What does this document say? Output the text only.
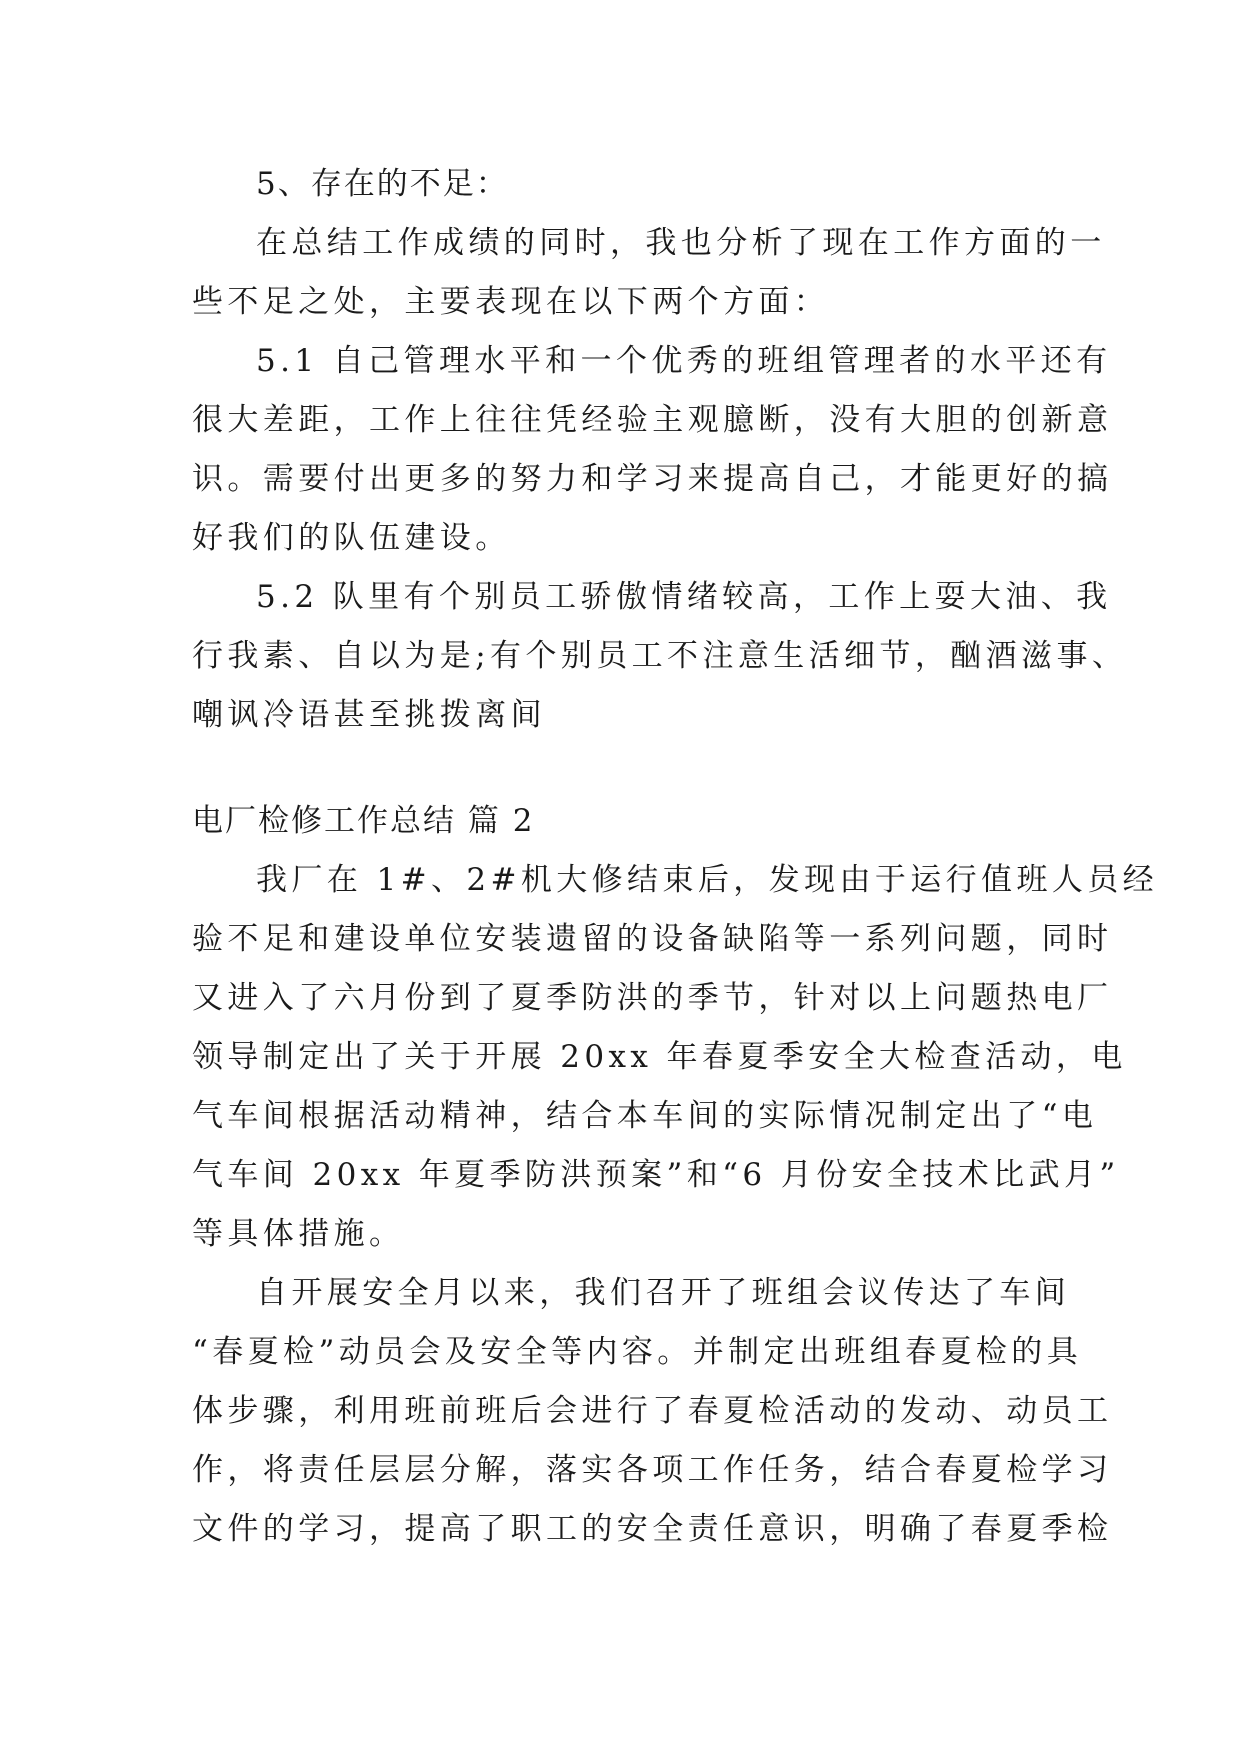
5、存在的不足：
在总结工作成绩的同时，我也分析了现在工作方面的一
些不足之处，主要表现在以下两个方面：
5.1 自己管理水平和一个优秀的班组管理者的水平还有
很大差距，工作上往往凭经验主观臆断，没有大胆的创新意
识。需要付出更多的努力和学习来提高自己，才能更好的搞
好我们的队伍建设。
5.2 队里有个别员工骄傲情绪较高，工作上耍大油、我
行我素、自以为是;有个别员工不注意生活细节，酗酒滋事、
嘲讽冷语甚至挑拨离间
电厂检修工作总结 篇 2
我厂在 1#、2#机大修结束后，发现由于运行值班人员经
验不足和建设单位安装遗留的设备缺陷等一系列问题，同时
又进入了六月份到了夏季防洪的季节，针对以上问题热电厂
领导制定出了关于开展 20xx 年春夏季安全大检查活动，电
气车间根据活动精神，结合本车间的实际情况制定出了“电
气车间 20xx 年夏季防洪预案”和“6 月份安全技术比武月”
等具体措施。
自开展安全月以来，我们召开了班组会议传达了车间
“春夏检”动员会及安全等内容。并制定出班组春夏检的具
体步骤，利用班前班后会进行了春夏检活动的发动、动员工
作，将责任层层分解，落实各项工作任务，结合春夏检学习
文件的学习，提高了职工的安全责任意识，明确了春夏季检
